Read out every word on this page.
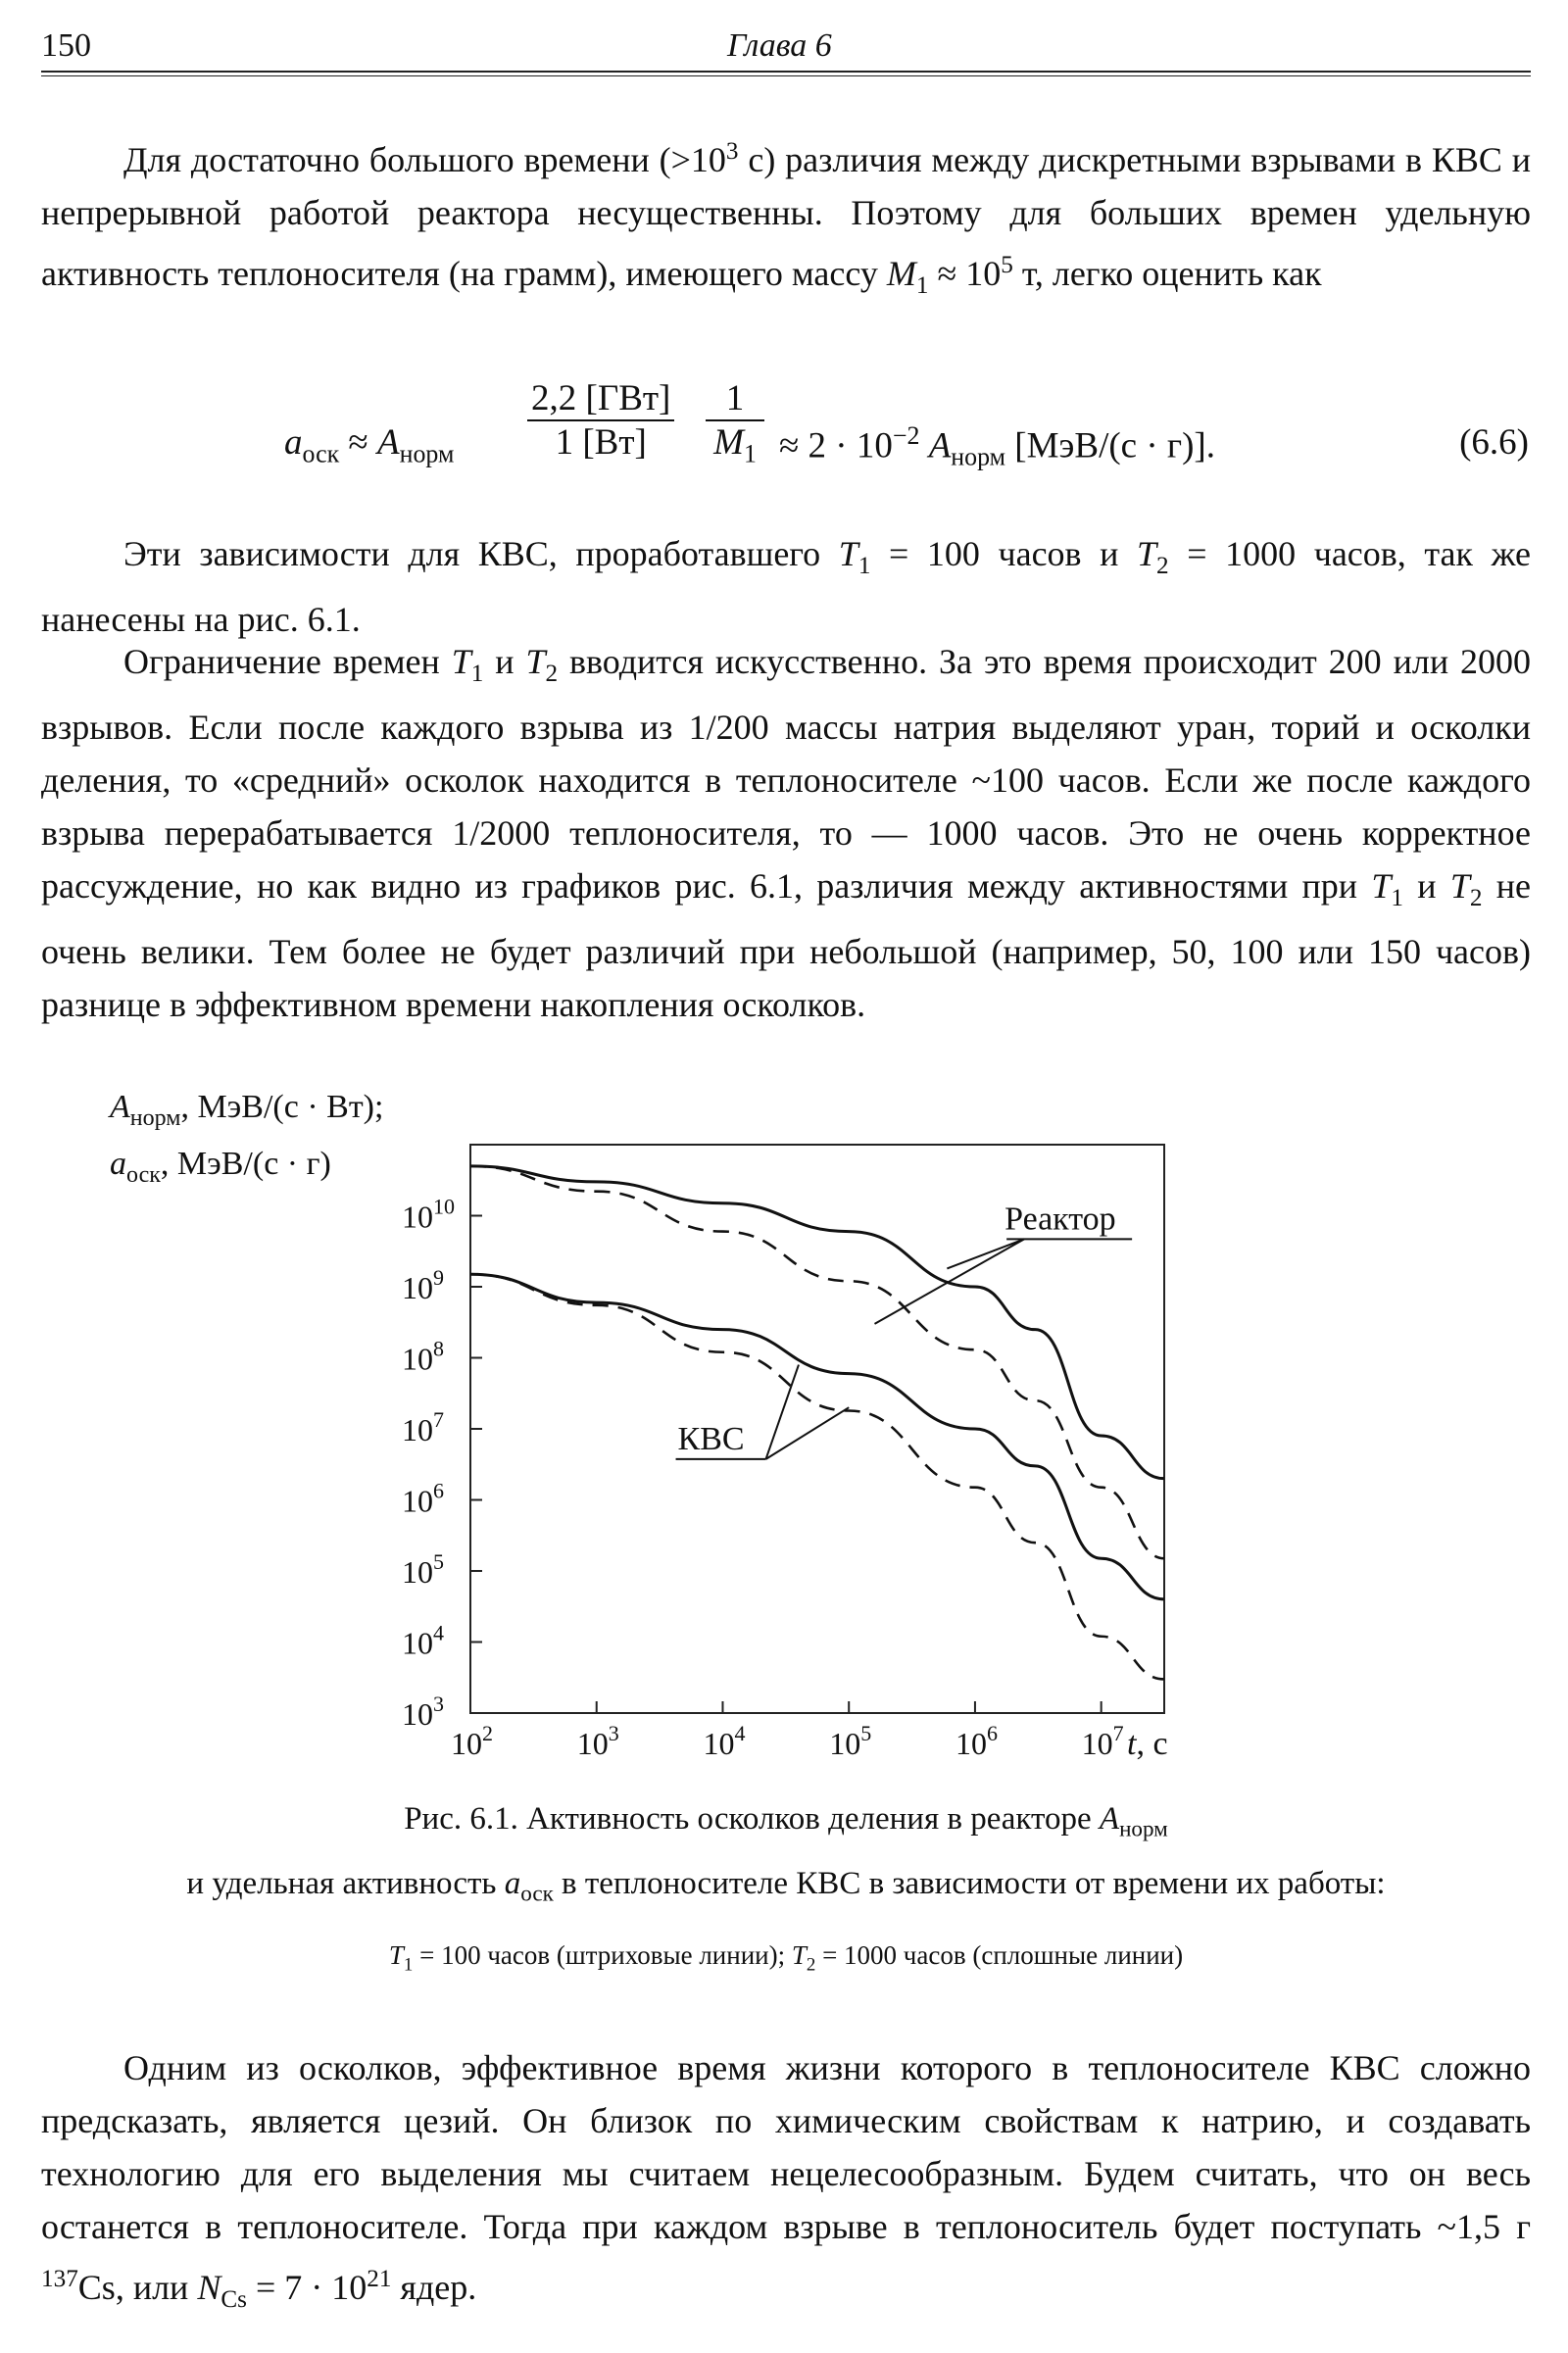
150	Глава 6

Для достаточно большого времени ($>10^3$ с) различия между дискретными взрывами в КВС и непрерывной работой реактора несущественны. Поэтому для больших времен удельную активность теплоносителя (на грамм), имеющего массу $M_1 \approx 10^5$ т, легко оценить как

$a_{оск} \approx A_{норм}$
2,2 [ГВт]
1 [Вт]	$\frac{1}{M_1} \approx 2 \cdot 10^{-2}$ $A_{норм}$ [МэВ/(с · г)].	(6.6)

Эти зависимости для КВС, проработавшего $T_1 = 100$ часов и $T_2 = 1000$ часов, так же нанесены на рис. 6.1.

Ограничение времен $T_1$ и $T_2$ вводится искусственно. За это время происходит 200 или 2000 взрывов. Если после каждого взрыва из 1/200 массы натрия выделяют уран, торий и осколки деления, то «средний» осколок находится в теплоносителе ~100 часов. Если же после каждого взрыва перерабатывается 1/2000 теплоносителя, то — 1000 часов. Это не очень корректное рассуждение, но как видно из графиков рис. 6.1, различия между активностями при $T_1$ и $T_2$ не очень велики. Тем более не будет различий при небольшой (например, 50, 100 или 150 часов) разнице в эффективном времени накопления осколков.

$A_{норм}$, МэВ/(с · Вт);
$a_{оск}$, МэВ/(с · г)
$10^2$	$10^3$	$10^4$	$10^5$	$10^6$	$10^7$
$10^3$
$10^4$
$10^5$
$10^6$
$10^7$
$10^8$
$10^9$
$10^{10}$	Реактор
КВС
t, с

Рис. 6.1. Активность осколков деления в реакторе $A_{норм}$

и удельная активность $a_{оск}$ в теплоносителе КВС в зависимости от времени их работы:

$T_1 = 100$ часов (штриховые линии); $T_2 = 1000$ часов (сплошные линии)

Одним из осколков, эффективное время жизни которого в теплоносителе КВС сложно предсказать, является цезий. Он близок по химическим свойствам к натрию, и создавать технологию для его выделения мы считаем нецелесообразным. Будем считать, что он весь останется в теплоносителе. Тогда при каждом взрыве в теплоноситель будет поступать ~1,5 г $^{137}$Cs, или $N_{Cs} = 7 \cdot 10^{21}$ ядер.
